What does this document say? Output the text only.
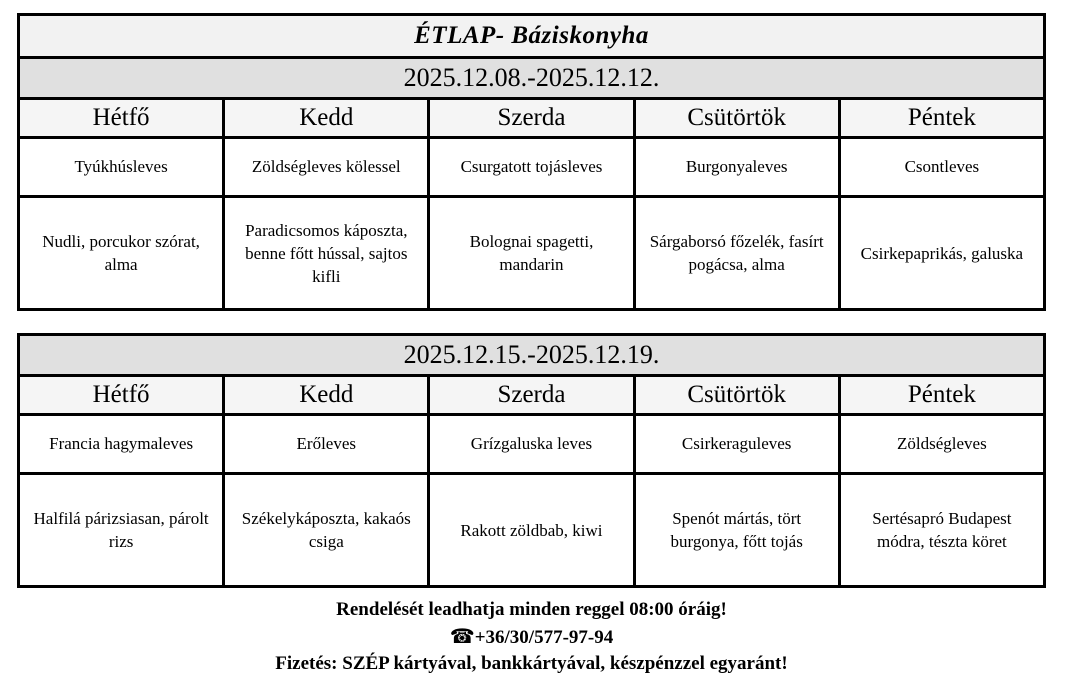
ÉTLAP- Báziskonyha				
2025.12.08.-2025.12.12.				
Hétfő	Kedd	Szerda	Csütörtök	Péntek
Tyúkhúsleves	Zöldségleves kölessel	Csurgatott tojásleves	Burgonyaleves	Csontleves
Nudli, porcukor szórat, alma	Paradicsomos káposzta, benne főtt hússal, sajtos kifli	Bolognai spagetti, mandarin	Sárgaborsó főzelék, fasírt pogácsa, alma	Csirkepaprikás, galuska
2025.12.15.-2025.12.19.				
Hétfő	Kedd	Szerda	Csütörtök	Péntek
Francia hagymaleves	Erőleves	Grízgaluska leves	Csirkeraguleves	Zöldségleves
Halfilá párizsiasan, párolt rizs	Székelykáposzta, kakaós csiga	Rakott zöldbab, kiwi	Spenót mártás, tört burgonya, főtt tojás	Sertésapró Budapest módra, tészta köret
Rendelését leadhatja minden reggel 08:00 óráig!
☎+36/30/577-97-94
Fizetés: SZÉP kártyával, bankkártyával, készpénzzel egyaránt!
